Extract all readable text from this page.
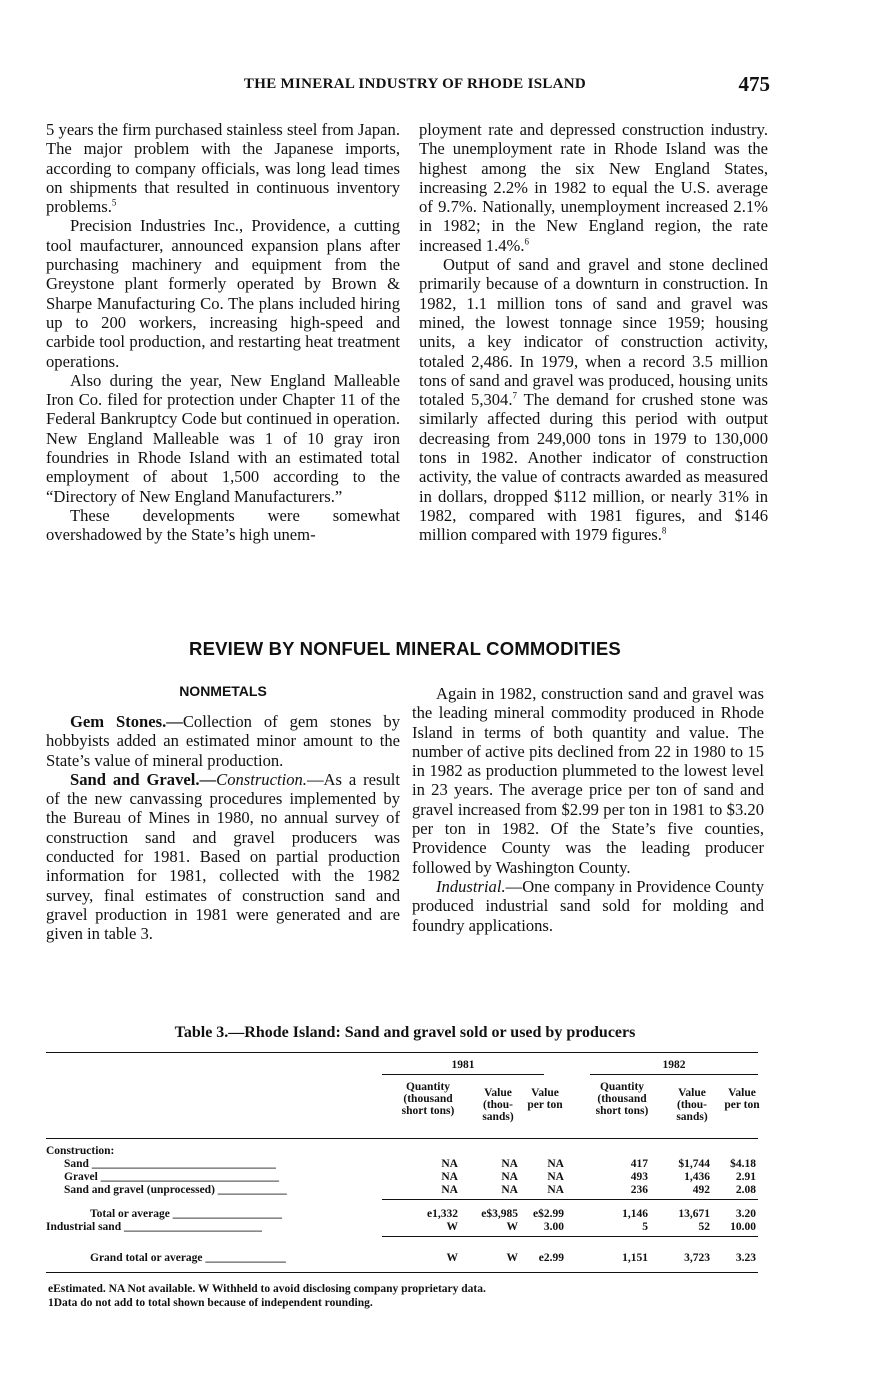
THE MINERAL INDUSTRY OF RHODE ISLAND	475

5 years the firm purchased stainless steel from Japan. The major problem with the Japanese imports, according to company officials, was long lead times on shipments that resulted in continuous inventory problems.$^5$

Precision Industries Inc., Providence, a cutting tool maufacturer, announced expansion plans after purchasing machinery and equipment from the Greystone plant formerly operated by Brown & Sharpe Manufacturing Co. The plans included hiring up to 200 workers, increasing high-speed and carbide tool production, and restarting heat treatment operations.

Also during the year, New England Malleable Iron Co. filed for protection under Chapter 11 of the Federal Bankruptcy Code but continued in operation. New England Malleable was 1 of 10 gray iron foundries in Rhode Island with an estimated total employment of about 1,500 according to the “Directory of New England Manufacturers.”

These developments were somewhat overshadowed by the State’s high unem-

ployment rate and depressed construction industry. The unemployment rate in Rhode Island was the highest among the six New England States, increasing 2.2% in 1982 to equal the U.S. average of 9.7%. Nationally, unemployment increased 2.1% in 1982; in the New England region, the rate increased 1.4%.$^6$

Output of sand and gravel and stone declined primarily because of a downturn in construction. In 1982, 1.1 million tons of sand and gravel was mined, the lowest tonnage since 1959; housing units, a key indicator of construction activity, totaled 2,486. In 1979, when a record 3.5 million tons of sand and gravel was produced, housing units totaled 5,304.$^7$ The demand for crushed stone was similarly affected during this period with output decreasing from 249,000 tons in 1979 to 130,000 tons in 1982. Another indicator of construction activity, the value of contracts awarded as measured in dollars, dropped $112 million, or nearly 31% in 1982, compared with 1981 figures, and $146 million compared with 1979 figures.$^8$

REVIEW BY NONFUEL MINERAL COMMODITIES
NONMETALS

Gem Stones.—Collection of gem stones by hobbyists added an estimated minor amount to the State’s value of mineral production.

Sand and Gravel.—Construction.—As a result of the new canvassing procedures implemented by the Bureau of Mines in 1980, no annual survey of construction sand and gravel producers was conducted for 1981. Based on partial production information for 1981, collected with the 1982 survey, final estimates of construction sand and gravel production in 1981 were generated and are given in table 3.

Again in 1982, construction sand and gravel was the leading mineral commodity produced in Rhode Island in terms of both quantity and value. The number of active pits declined from 22 in 1980 to 15 in 1982 as production plummeted to the lowest level in 23 years. The average price per ton of sand and gravel increased from $2.99 per ton in 1981 to $3.20 per ton in 1982. Of the State’s five counties, Providence County was the leading producer followed by Washington County.

Industrial.—One company in Providence County produced industrial sand sold for molding and foundry applications.

Table 3.—Rhode Island: Sand and gravel sold or used by producers
1981	1982
Quantity (thousand short tons)
Value (thou- sands)
Value per ton
Quantity (thousand short tons)
Value (thou- sands)
Value per ton
Construction:
Sand ________________________________	NA	NA	NA	417	$1,744	$4.18
Gravel _______________________________	NA	NA	NA	493	1,436	2.91
Sand and gravel (unprocessed) ____________	NA	NA	NA	236	492	2.08
Total or average ___________________	e1,332	e$3,985	e$2.99	1,146	13,671	3.20
Industrial sand ________________________	W	W	3.00	5	52	10.00
Grand total or average ______________	W	W	e2.99	1,151	3,723	3.23
eEstimated. NA Not available. W Withheld to avoid disclosing company proprietary data.
1Data do not add to total shown because of independent rounding.
